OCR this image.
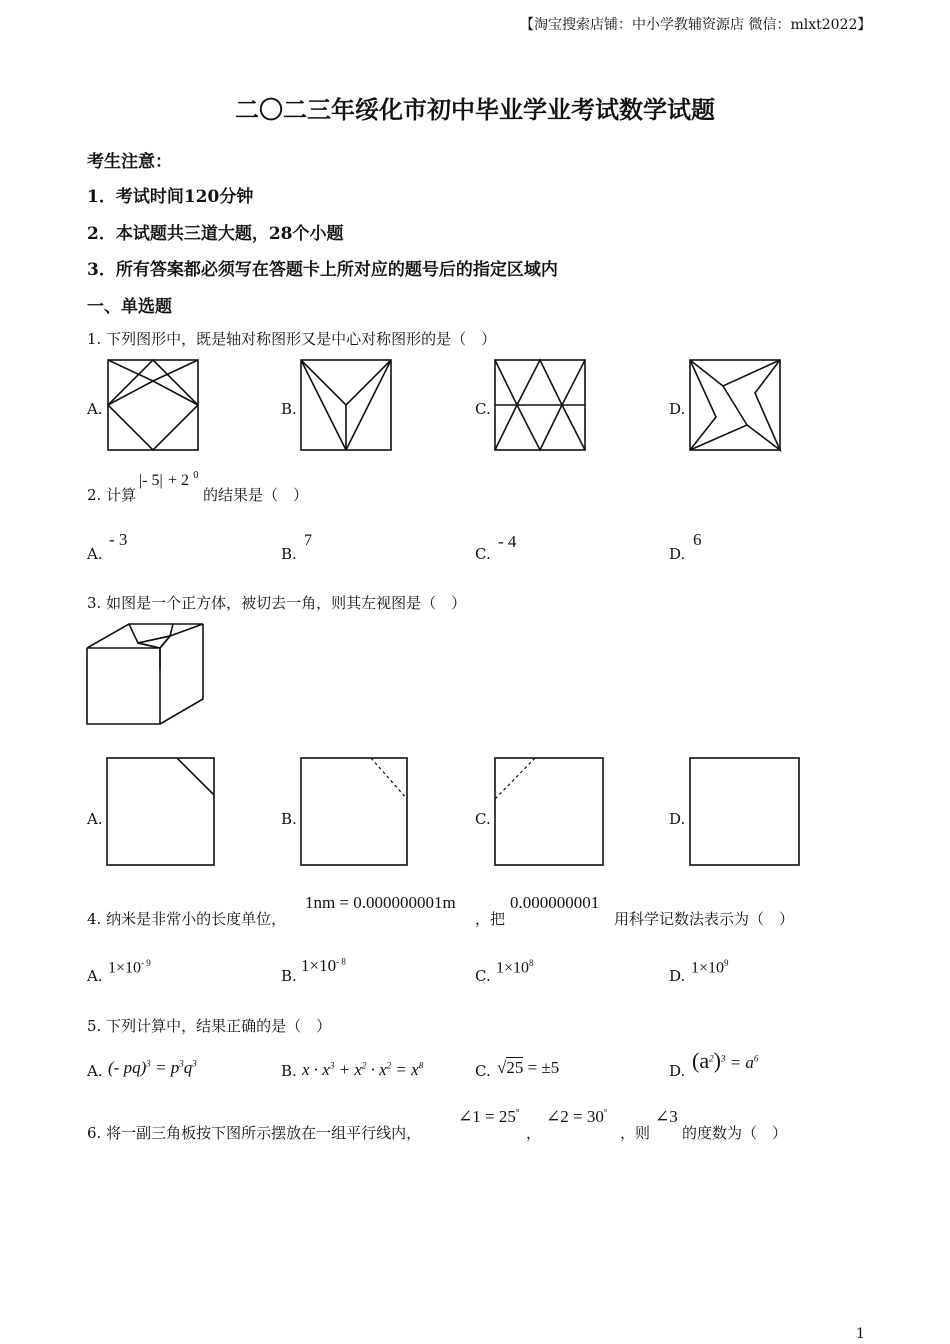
【淘宝搜索店铺：中小学教辅资源店 微信：mlxt2022】
二〇二三年绥化市初中毕业学业考试数学试题
考生注意：
1．考试时间120分钟
2．本试题共三道大题，28个小题
3．所有答案都必须写在答题卡上所对应的题号后的指定区域内
一、单选题
1. 下列图形中，既是轴对称图形又是中心对称图形的是（　）
A.	B.	C.	D.
2. 计算
|- 5| + 2 0
的结果是（　）
A.
- 3
B.
7
C.
- 4
D.
6
3. 如图是一个正方体，被切去一角，则其左视图是（　）
A.	B.	C.	D.
4. 纳米是非常小的长度单位，
1nm = 0.000000001m
，把
0.000000001
用科学记数法表示为（　）
A. $1\times 10^{- 9}$
B.
$1\times 10^{- 8}$
C. $1\times 10^8$
D. $1\times 10^9$
5. 下列计算中，结果正确的是（　）
A. (- $pq)^3 = p^3q^3$	B. $x \cdot x^3 + x^2 \cdot x^2 = x^8$	C. √25 = ±5	D. $(a^2)^3 = a^6$
6. 将一副三角板按下图所示摆放在一组平行线内，
∠1 = 25°
，
∠2 = 30°
，则
∠3
的度数为（　）
1
